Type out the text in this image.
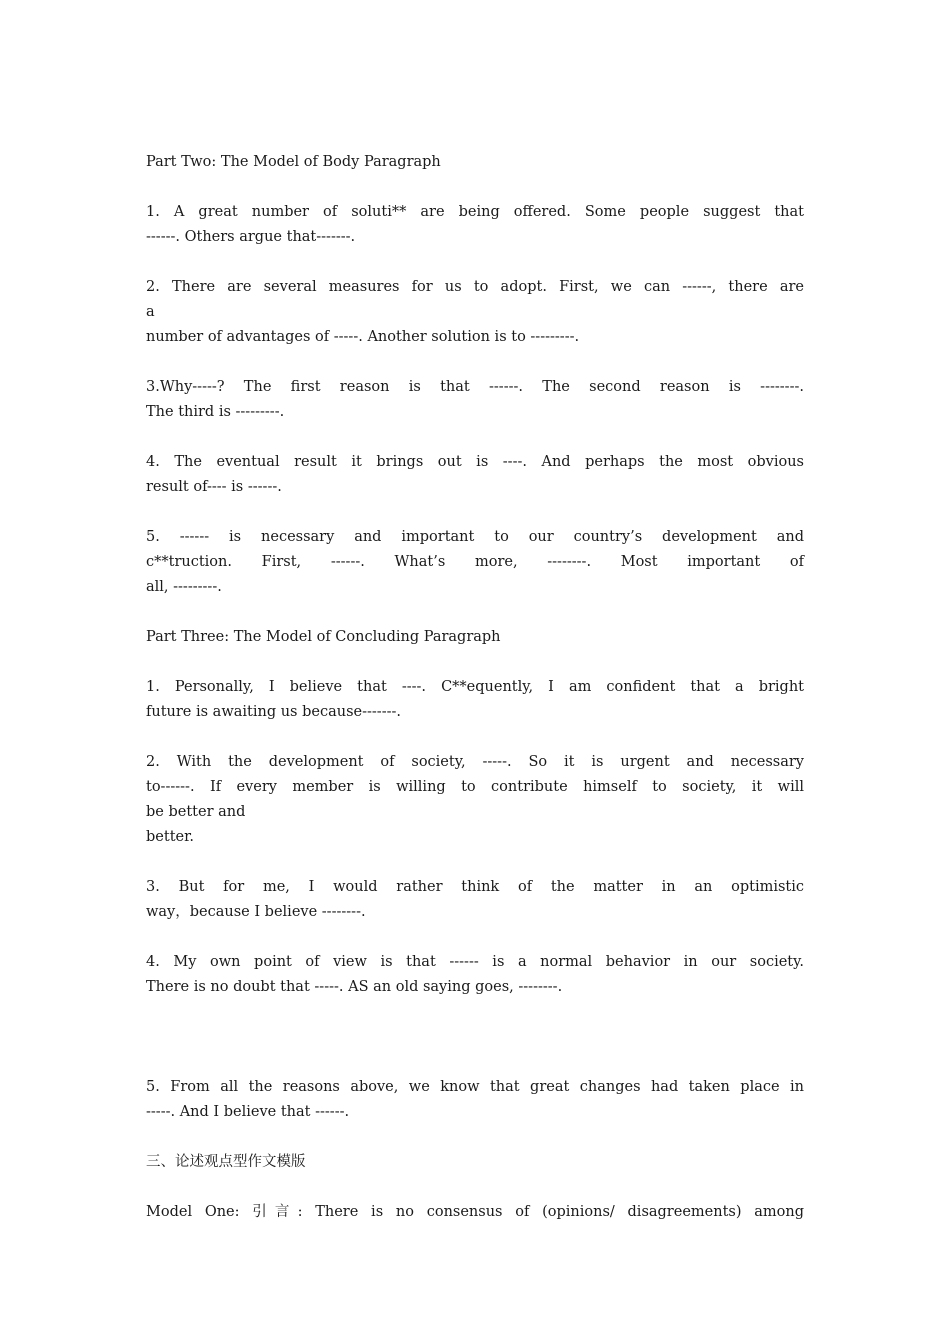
Part Two: The Model of Body Paragraph
1. A great number of soluti** are being offered. Some people suggest that
------. Others argue that-------.
2. There are several measures for us to adopt. First, we can ------, there are
a
number of advantages of -----. Another solution is to ---------.
3.Why-----? The first reason is that ------. The second reason is --------.
The third is ---------.
4. The eventual result it brings out is ----. And perhaps the most obvious
result of---- is ------.
5. ------ is necessary and important to our country’s development and
c**truction. First, ------. What’s more, --------. Most important of
all, ---------.
Part Three: The Model of Concluding Paragraph
1. Personally, I believe that ----. C**equently, I am confident that a bright
future is awaiting us because-------.
2. With the development of society, -----. So it is urgent and necessary
to------. If every member is willing to contribute himself to society, it will
be better and
better.
3. But for me, I would rather think of the matter in an optimistic
way，because I believe --------.
4. My own point of view is that ------ is a normal behavior in our society.
There is no doubt that -----. AS an old saying goes, --------.
5. From all the reasons above, we know that great changes had taken place in
-----. And I believe that ------.
三、论述观点型作文模版
Model One: 引言: There is no consensus of (opinions/ disagreements) among
